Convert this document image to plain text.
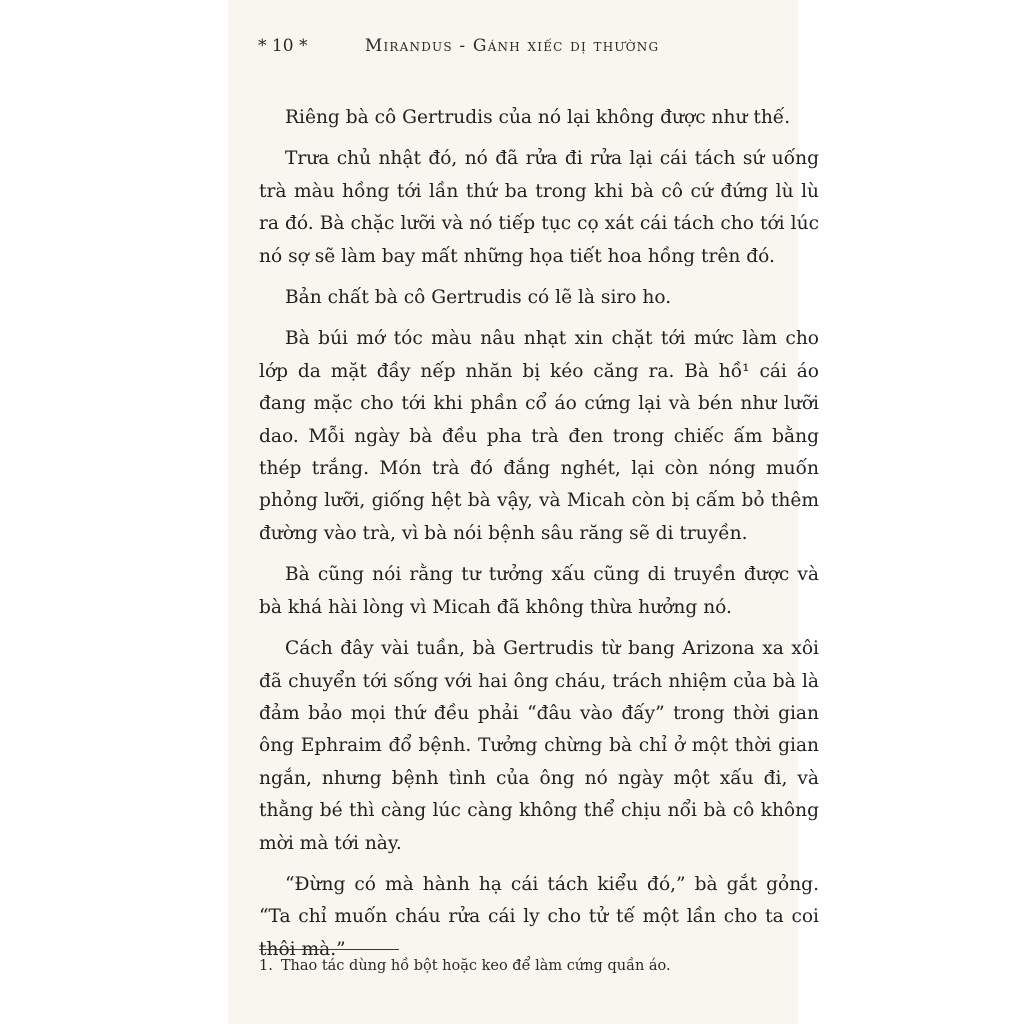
* 10 *	Mirandus - Gánh xiếc dị thường

Riêng bà cô Gertrudis của nó lại không được như thế.

Trưa chủ nhật đó, nó đã rửa đi rửa lại cái tách sứ uống trà màu hồng tới lần thứ ba trong khi bà cô cứ đứng lù lù ra đó. Bà chặc lưỡi và nó tiếp tục cọ xát cái tách cho tới lúc nó sợ sẽ làm bay mất những họa tiết hoa hồng trên đó.

Bản chất bà cô Gertrudis có lẽ là siro ho.

Bà búi mớ tóc màu nâu nhạt xin chặt tới mức làm cho lớp da mặt đầy nếp nhăn bị kéo căng ra. Bà hồ¹ cái áo đang mặc cho tới khi phần cổ áo cứng lại và bén như lưỡi dao. Mỗi ngày bà đều pha trà đen trong chiếc ấm bằng thép trắng. Món trà đó đắng nghét, lại còn nóng muốn phỏng lưỡi, giống hệt bà vậy, và Micah còn bị cấm bỏ thêm đường vào trà, vì bà nói bệnh sâu răng sẽ di truyền.

Bà cũng nói rằng tư tưởng xấu cũng di truyền được và bà khá hài lòng vì Micah đã không thừa hưởng nó.

Cách đây vài tuần, bà Gertrudis từ bang Arizona xa xôi đã chuyển tới sống với hai ông cháu, trách nhiệm của bà là đảm bảo mọi thứ đều phải “đâu vào đấy” trong thời gian ông Ephraim đổ bệnh. Tưởng chừng bà chỉ ở một thời gian ngắn, nhưng bệnh tình của ông nó ngày một xấu đi, và thằng bé thì càng lúc càng không thể chịu nổi bà cô không mời mà tới này.

“Đừng có mà hành hạ cái tách kiểu đó,” bà gắt gỏng. “Ta chỉ muốn cháu rửa cái ly cho tử tế một lần cho ta coi thôi mà.”

1. Thao tác dùng hồ bột hoặc keo để làm cứng quần áo.
